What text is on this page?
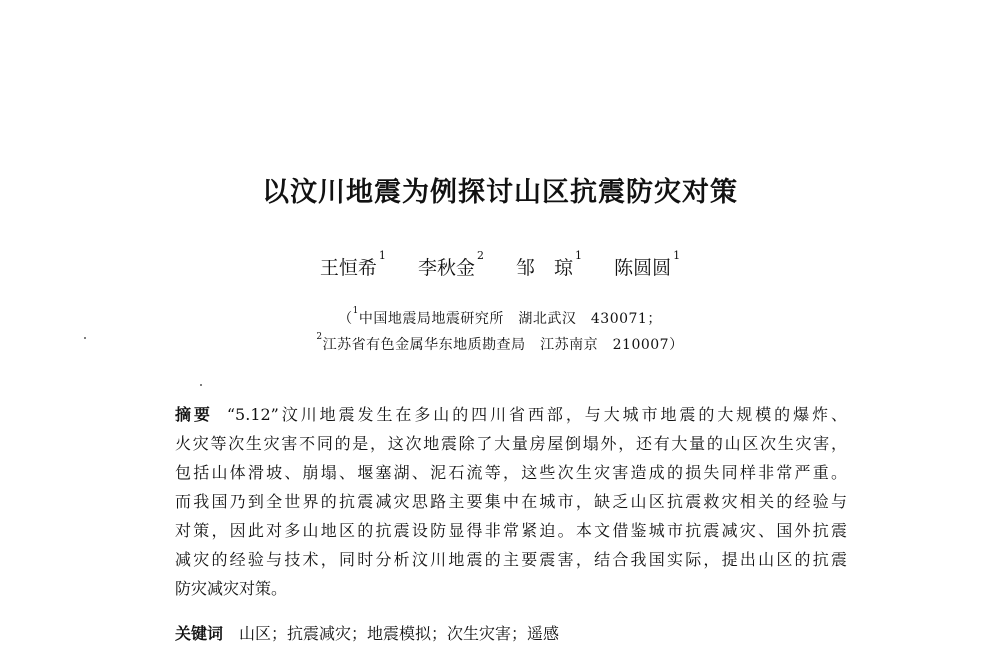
以汶川地震为例探讨山区抗震防灾对策
王恒希$^1$ 李秋金$^2$ 邹　琼$^1$ 陈圆圆$^1$
（$^1$中国地震局地震研究所　湖北武汉　430071；
$^2$江苏省有色金属华东地质勘查局　江苏南京　210007）
摘要 “5.12”汶川地震发生在多山的四川省西部，与大城市地震的大规模的爆炸、
火灾等次生灾害不同的是，这次地震除了大量房屋倒塌外，还有大量的山区次生灾害，
包括山体滑坡、崩塌、堰塞湖、泥石流等，这些次生灾害造成的损失同样非常严重。
而我国乃到全世界的抗震减灾思路主要集中在城市，缺乏山区抗震救灾相关的经验与
对策，因此对多山地区的抗震设防显得非常紧迫。本文借鉴城市抗震减灾、国外抗震
减灾的经验与技术，同时分析汶川地震的主要震害，结合我国实际，提出山区的抗震
防灾减灾对策。
关键词 山区；抗震减灾；地震模拟；次生灾害；遥感
